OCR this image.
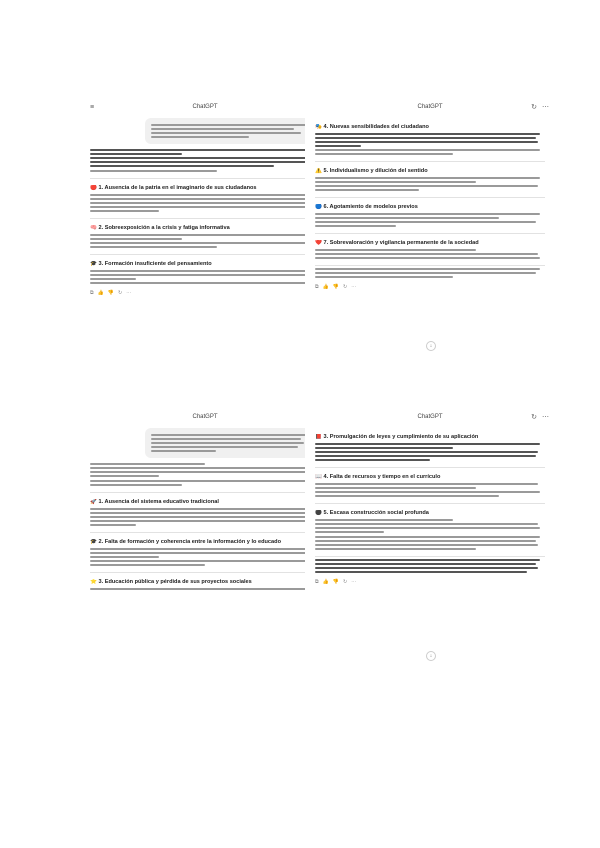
≡	ChatGPT
🔴 1. Ausencia de la patria en el imaginario de sus ciudadanos
🧠 2. Sobreexposición a la crisis y fatiga informativa
🎓 3. Formación insuficiente del pensamiento
⧉ 👍 👎 ↻ ⋯
ChatGPT	↻ ⋯
🎭 4. Nuevas sensibilidades del ciudadano
⚠️ 5. Individualismo y dilución del sentido
🔵 6. Agotamiento de modelos previos
❤️ 7. Sobrevaloración y vigilancia permanente de la sociedad
⧉ 👍 👎 ↻ ⋯
↓
ChatGPT
🚀 1. Ausencia del sistema educativo tradicional
🎓 2. Falta de formación y coherencia entre la información y lo educado
⭐ 3. Educación pública y pérdida de sus proyectos sociales
ChatGPT	↻ ⋯
📕 3. Promulgación de leyes y cumplimiento de su aplicación
📖 4. Falta de recursos y tiempo en el currículo
⚫ 5. Escasa construcción social profunda
⧉ 👍 👎 ↻ ⋯
↓
